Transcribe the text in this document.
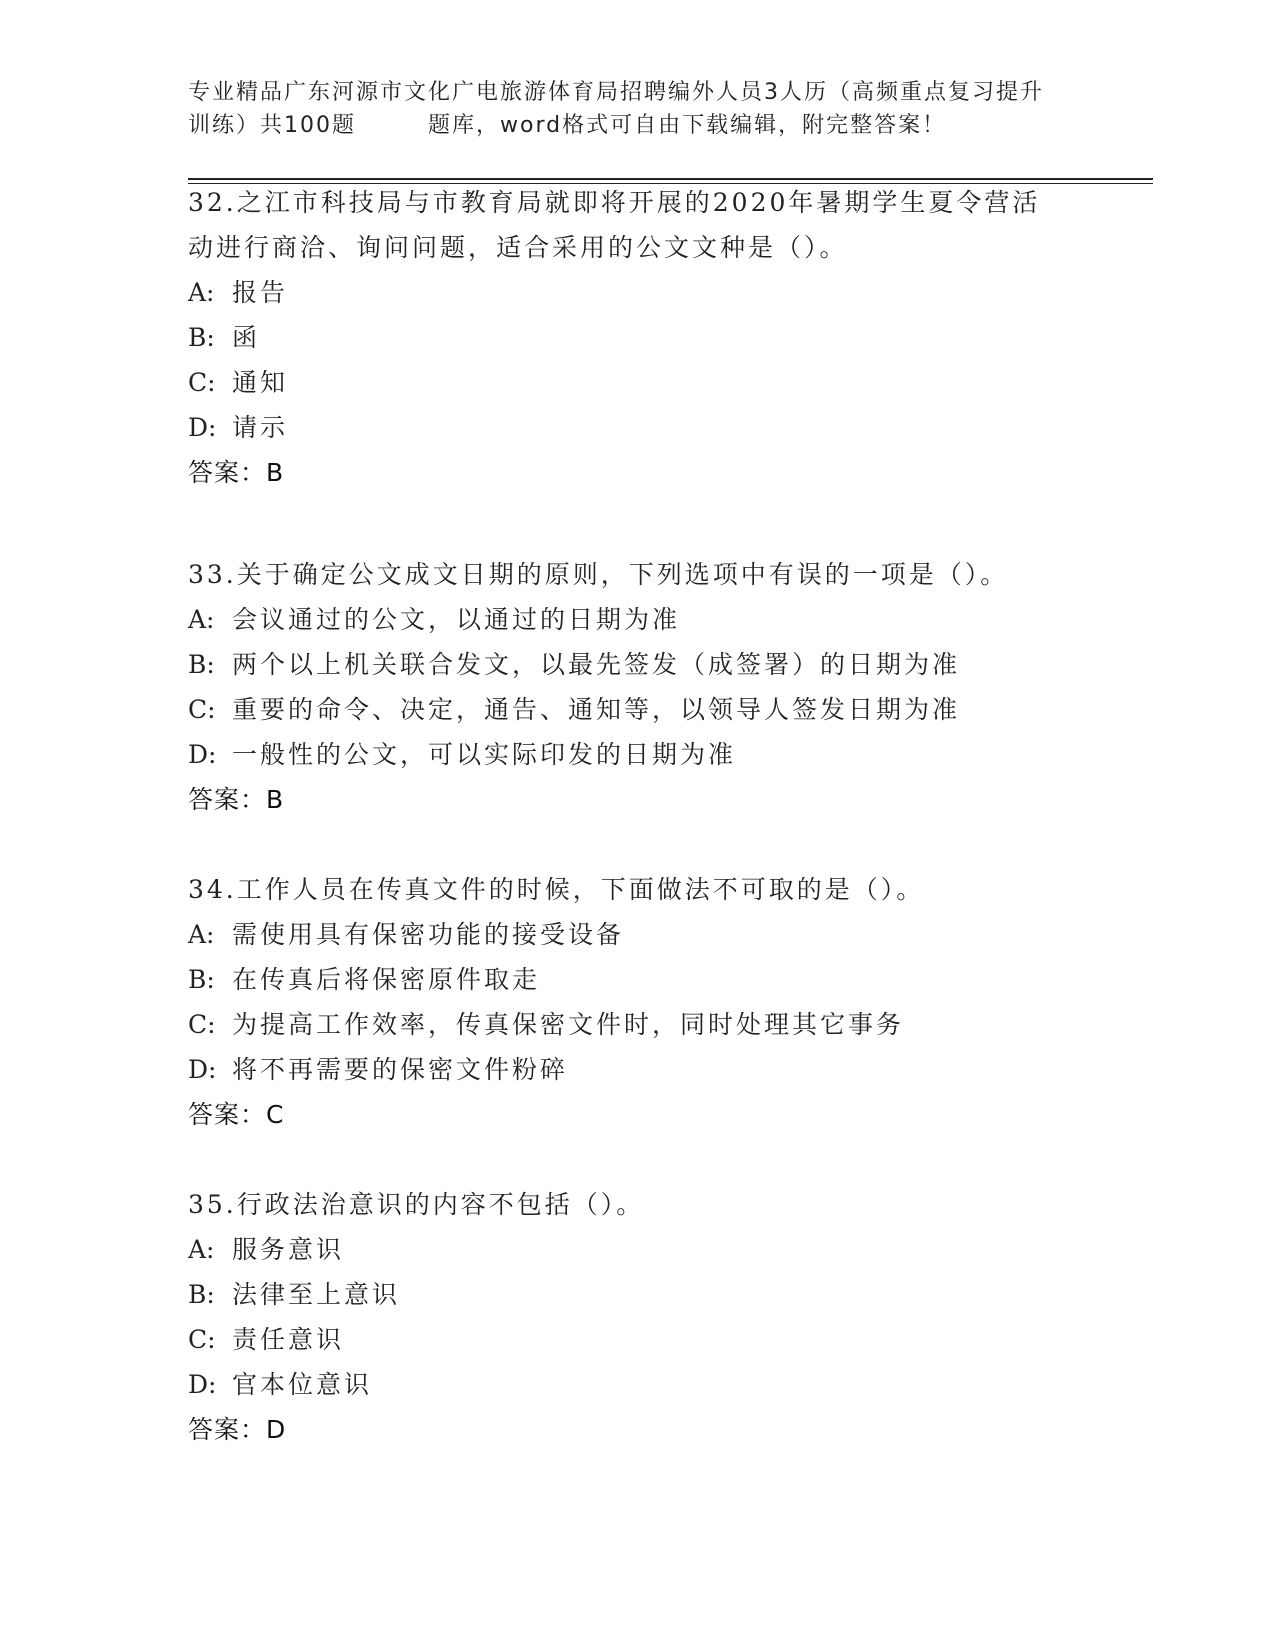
专业精品广东河源市文化广电旅游体育局招聘编外人员3人历（高频重点复习提升
训练）共100题	题库，word格式可自由下载编辑，附完整答案！
32.之江市科技局与市教育局就即将开展的2020年暑期学生夏令营活
动进行商洽、询问问题，适合采用的公文文种是（）。
A: 报告
B: 函
C: 通知
D: 请示
答案：B
33.关于确定公文成文日期的原则，下列选项中有误的一项是（）。
A: 会议通过的公文，以通过的日期为准
B: 两个以上机关联合发文，以最先签发（成签署）的日期为准
C: 重要的命令、决定，通告、通知等，以领导人签发日期为准
D: 一般性的公文，可以实际印发的日期为准
答案：B
34.工作人员在传真文件的时候，下面做法不可取的是（）。
A: 需使用具有保密功能的接受设备
B: 在传真后将保密原件取走
C: 为提高工作效率，传真保密文件时，同时处理其它事务
D: 将不再需要的保密文件粉碎
答案：C
35.行政法治意识的内容不包括（）。
A: 服务意识
B: 法律至上意识
C: 责任意识
D: 官本位意识
答案：D
